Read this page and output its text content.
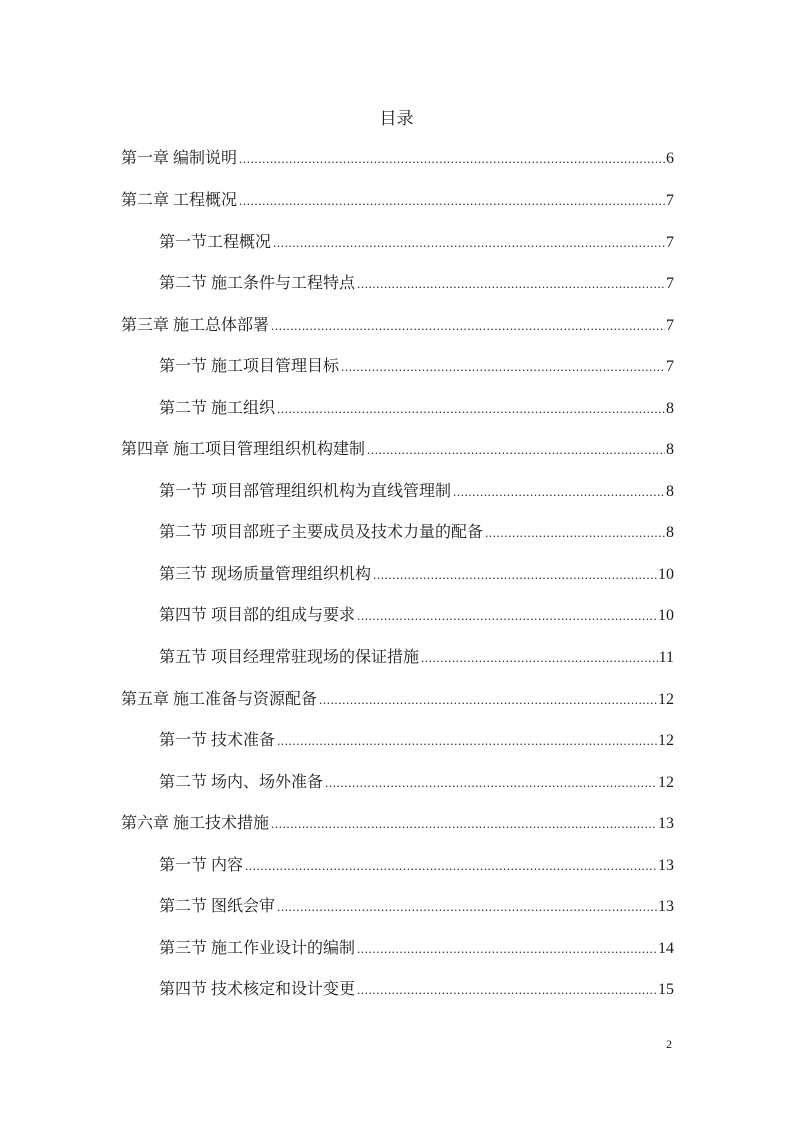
目录
第一章 编制说明 .....	6
第二章 工程概况 .....	7
第一节工程概况 .....	7
第二节 施工条件与工程特点 .....	7
第三章 施工总体部署 .....	7
第一节 施工项目管理目标 .....	7
第二节 施工组织 .....	8
第四章 施工项目管理组织机构建制 .....	8
第一节 项目部管理组织机构为直线管理制 .....	8
第二节 项目部班子主要成员及技术力量的配备 .....	8
第三节 现场质量管理组织机构 .....	10
第四节 项目部的组成与要求 .....	10
第五节 项目经理常驻现场的保证措施 .....	11
第五章 施工准备与资源配备 .....	12
第一节 技术准备 .....	12
第二节 场内、场外准备 .....	12
第六章 施工技术措施 .....	13
第一节 内容 .....	13
第二节 图纸会审 .....	13
第三节 施工作业设计的编制 .....	14
第四节 技术核定和设计变更 .....	15
2
